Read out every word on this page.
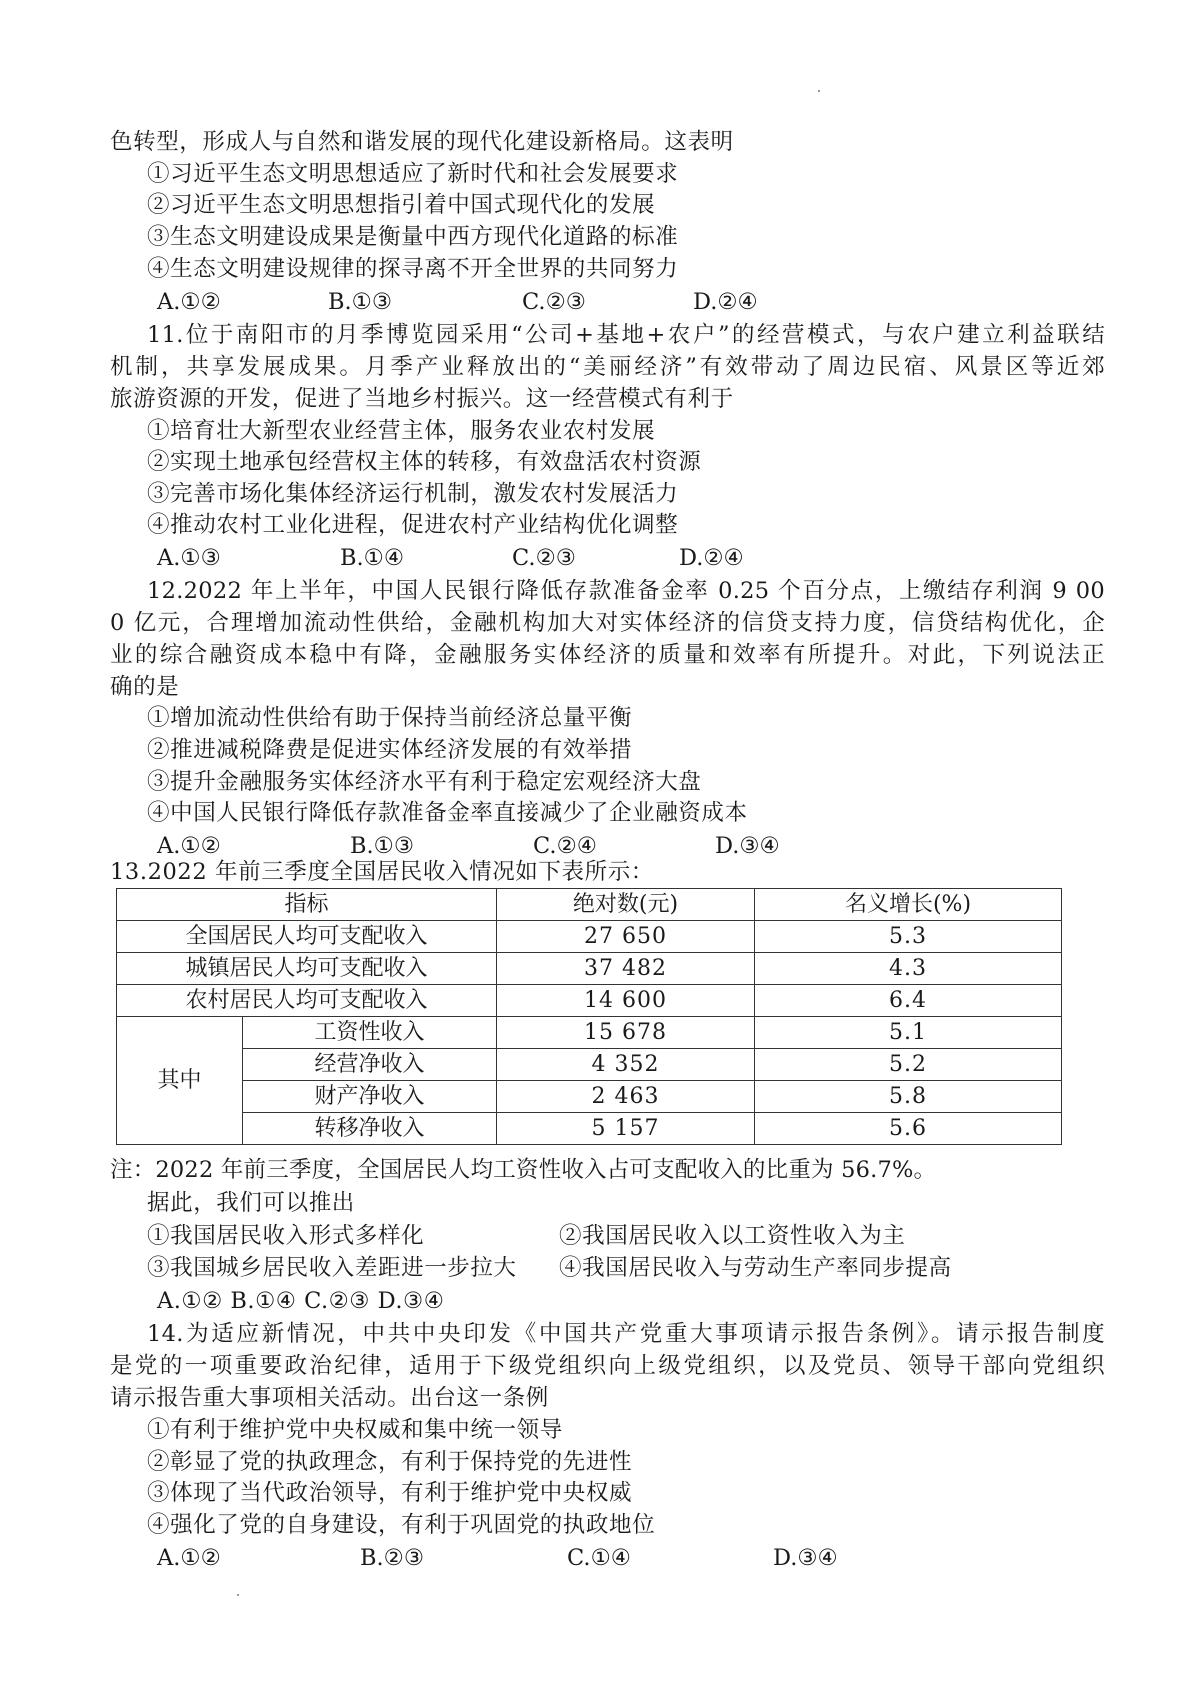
色转型，形成人与自然和谐发展的现代化建设新格局。这表明
①习近平生态文明思想适应了新时代和社会发展要求
②习近平生态文明思想指引着中国式现代化的发展
③生态文明建设成果是衡量中西方现代化道路的标准
④生态文明建设规律的探寻离不开全世界的共同努力
A.①②	B.①③	C.②③	D.②④
11.位于南阳市的月季博览园采用“公司+基地+农户”的经营模式，与农户建立利益联结
机制，共享发展成果。月季产业释放出的“美丽经济”有效带动了周边民宿、风景区等近郊
旅游资源的开发，促进了当地乡村振兴。这一经营模式有利于
①培育壮大新型农业经营主体，服务农业农村发展
②实现土地承包经营权主体的转移，有效盘活农村资源
③完善市场化集体经济运行机制，激发农村发展活力
④推动农村工业化进程，促进农村产业结构优化调整
A.①③	B.①④	C.②③	D.②④
12.2022 年上半年，中国人民银行降低存款准备金率 0.25 个百分点，上缴结存利润 9 00
0 亿元，合理增加流动性供给，金融机构加大对实体经济的信贷支持力度，信贷结构优化，企
业的综合融资成本稳中有降，金融服务实体经济的质量和效率有所提升。对此，下列说法正
确的是
①增加流动性供给有助于保持当前经济总量平衡
②推进减税降费是促进实体经济发展的有效举措
③提升金融服务实体经济水平有利于稳定宏观经济大盘
④中国人民银行降低存款准备金率直接减少了企业融资成本
A.①②	B.①③	C.②④	D.③④
13.2022 年前三季度全国居民收入情况如下表所示：
指标		绝对数(元)	名义增长(%)
全国居民人均可支配收入		27 650	5.3
城镇居民人均可支配收入		37 482	4.3
农村居民人均可支配收入		14 600	6.4
其中	工资性收入	15 678	5.1
	经营净收入	4 352	5.2
	财产净收入	2 463	5.8
	转移净收入	5 157	5.6
注：2022 年前三季度，全国居民人均工资性收入占可支配收入的比重为 56.7%。
据此，我们可以推出
①我国居民收入形式多样化	②我国居民收入以工资性收入为主
③我国城乡居民收入差距进一步拉大 ④我国居民收入与劳动生产率同步提高
A.①② B.①④ C.②③ D.③④
14.为适应新情况，中共中央印发《中国共产党重大事项请示报告条例》。请示报告制度
是党的一项重要政治纪律，适用于下级党组织向上级党组织，以及党员、领导干部向党组织
请示报告重大事项相关活动。出台这一条例
①有利于维护党中央权威和集中统一领导
②彰显了党的执政理念，有利于保持党的先进性
③体现了当代政治领导，有利于维护党中央权威
④强化了党的自身建设，有利于巩固党的执政地位
A.①②	B.②③	C.①④	D.③④
